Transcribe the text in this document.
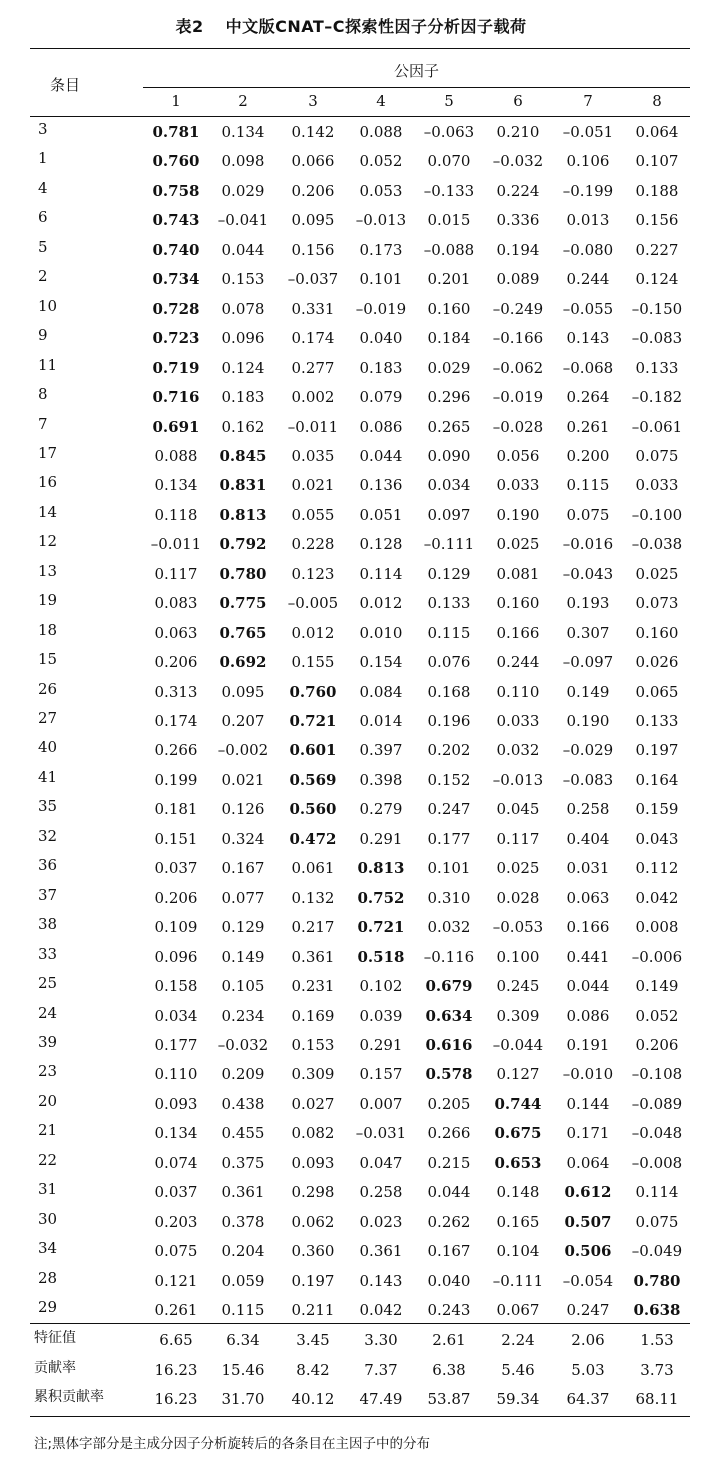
表2 中文版CNAT–C探索性因子分析因子载荷
条目
公因子
1	2	3	4	5	6	7	8
3	0.781	0.134	0.142	0.088	–0.063	0.210	–0.051	0.064
1	0.760	0.098	0.066	0.052	0.070	–0.032	0.106	0.107
4	0.758	0.029	0.206	0.053	–0.133	0.224	–0.199	0.188
6	0.743	–0.041	0.095	–0.013	0.015	0.336	0.013	0.156
5	0.740	0.044	0.156	0.173	–0.088	0.194	–0.080	0.227
2	0.734	0.153	–0.037	0.101	0.201	0.089	0.244	0.124
10	0.728	0.078	0.331	–0.019	0.160	–0.249	–0.055	–0.150
9	0.723	0.096	0.174	0.040	0.184	–0.166	0.143	–0.083
11	0.719	0.124	0.277	0.183	0.029	–0.062	–0.068	0.133
8	0.716	0.183	0.002	0.079	0.296	–0.019	0.264	–0.182
7	0.691	0.162	–0.011	0.086	0.265	–0.028	0.261	–0.061
17	0.088	0.845	0.035	0.044	0.090	0.056	0.200	0.075
16	0.134	0.831	0.021	0.136	0.034	0.033	0.115	0.033
14	0.118	0.813	0.055	0.051	0.097	0.190	0.075	–0.100
12	–0.011	0.792	0.228	0.128	–0.111	0.025	–0.016	–0.038
13	0.117	0.780	0.123	0.114	0.129	0.081	–0.043	0.025
19	0.083	0.775	–0.005	0.012	0.133	0.160	0.193	0.073
18	0.063	0.765	0.012	0.010	0.115	0.166	0.307	0.160
15	0.206	0.692	0.155	0.154	0.076	0.244	–0.097	0.026
26	0.313	0.095	0.760	0.084	0.168	0.110	0.149	0.065
27	0.174	0.207	0.721	0.014	0.196	0.033	0.190	0.133
40	0.266	–0.002	0.601	0.397	0.202	0.032	–0.029	0.197
41	0.199	0.021	0.569	0.398	0.152	–0.013	–0.083	0.164
35	0.181	0.126	0.560	0.279	0.247	0.045	0.258	0.159
32	0.151	0.324	0.472	0.291	0.177	0.117	0.404	0.043
36	0.037	0.167	0.061	0.813	0.101	0.025	0.031	0.112
37	0.206	0.077	0.132	0.752	0.310	0.028	0.063	0.042
38	0.109	0.129	0.217	0.721	0.032	–0.053	0.166	0.008
33	0.096	0.149	0.361	0.518	–0.116	0.100	0.441	–0.006
25	0.158	0.105	0.231	0.102	0.679	0.245	0.044	0.149
24	0.034	0.234	0.169	0.039	0.634	0.309	0.086	0.052
39	0.177	–0.032	0.153	0.291	0.616	–0.044	0.191	0.206
23	0.110	0.209	0.309	0.157	0.578	0.127	–0.010	–0.108
20	0.093	0.438	0.027	0.007	0.205	0.744	0.144	–0.089
21	0.134	0.455	0.082	–0.031	0.266	0.675	0.171	–0.048
22	0.074	0.375	0.093	0.047	0.215	0.653	0.064	–0.008
31	0.037	0.361	0.298	0.258	0.044	0.148	0.612	0.114
30	0.203	0.378	0.062	0.023	0.262	0.165	0.507	0.075
34	0.075	0.204	0.360	0.361	0.167	0.104	0.506	–0.049
28	0.121	0.059	0.197	0.143	0.040	–0.111	–0.054	0.780
29	0.261	0.115	0.211	0.042	0.243	0.067	0.247	0.638
特征值	6.65	6.34	3.45	3.30	2.61	2.24	2.06	1.53
贡献率	16.23	15.46	8.42	7.37	6.38	5.46	5.03	3.73
累积贡献率	16.23	31.70	40.12	47.49	53.87	59.34	64.37	68.11
注;黑体字部分是主成分因子分析旋转后的各条目在主因子中的分布
